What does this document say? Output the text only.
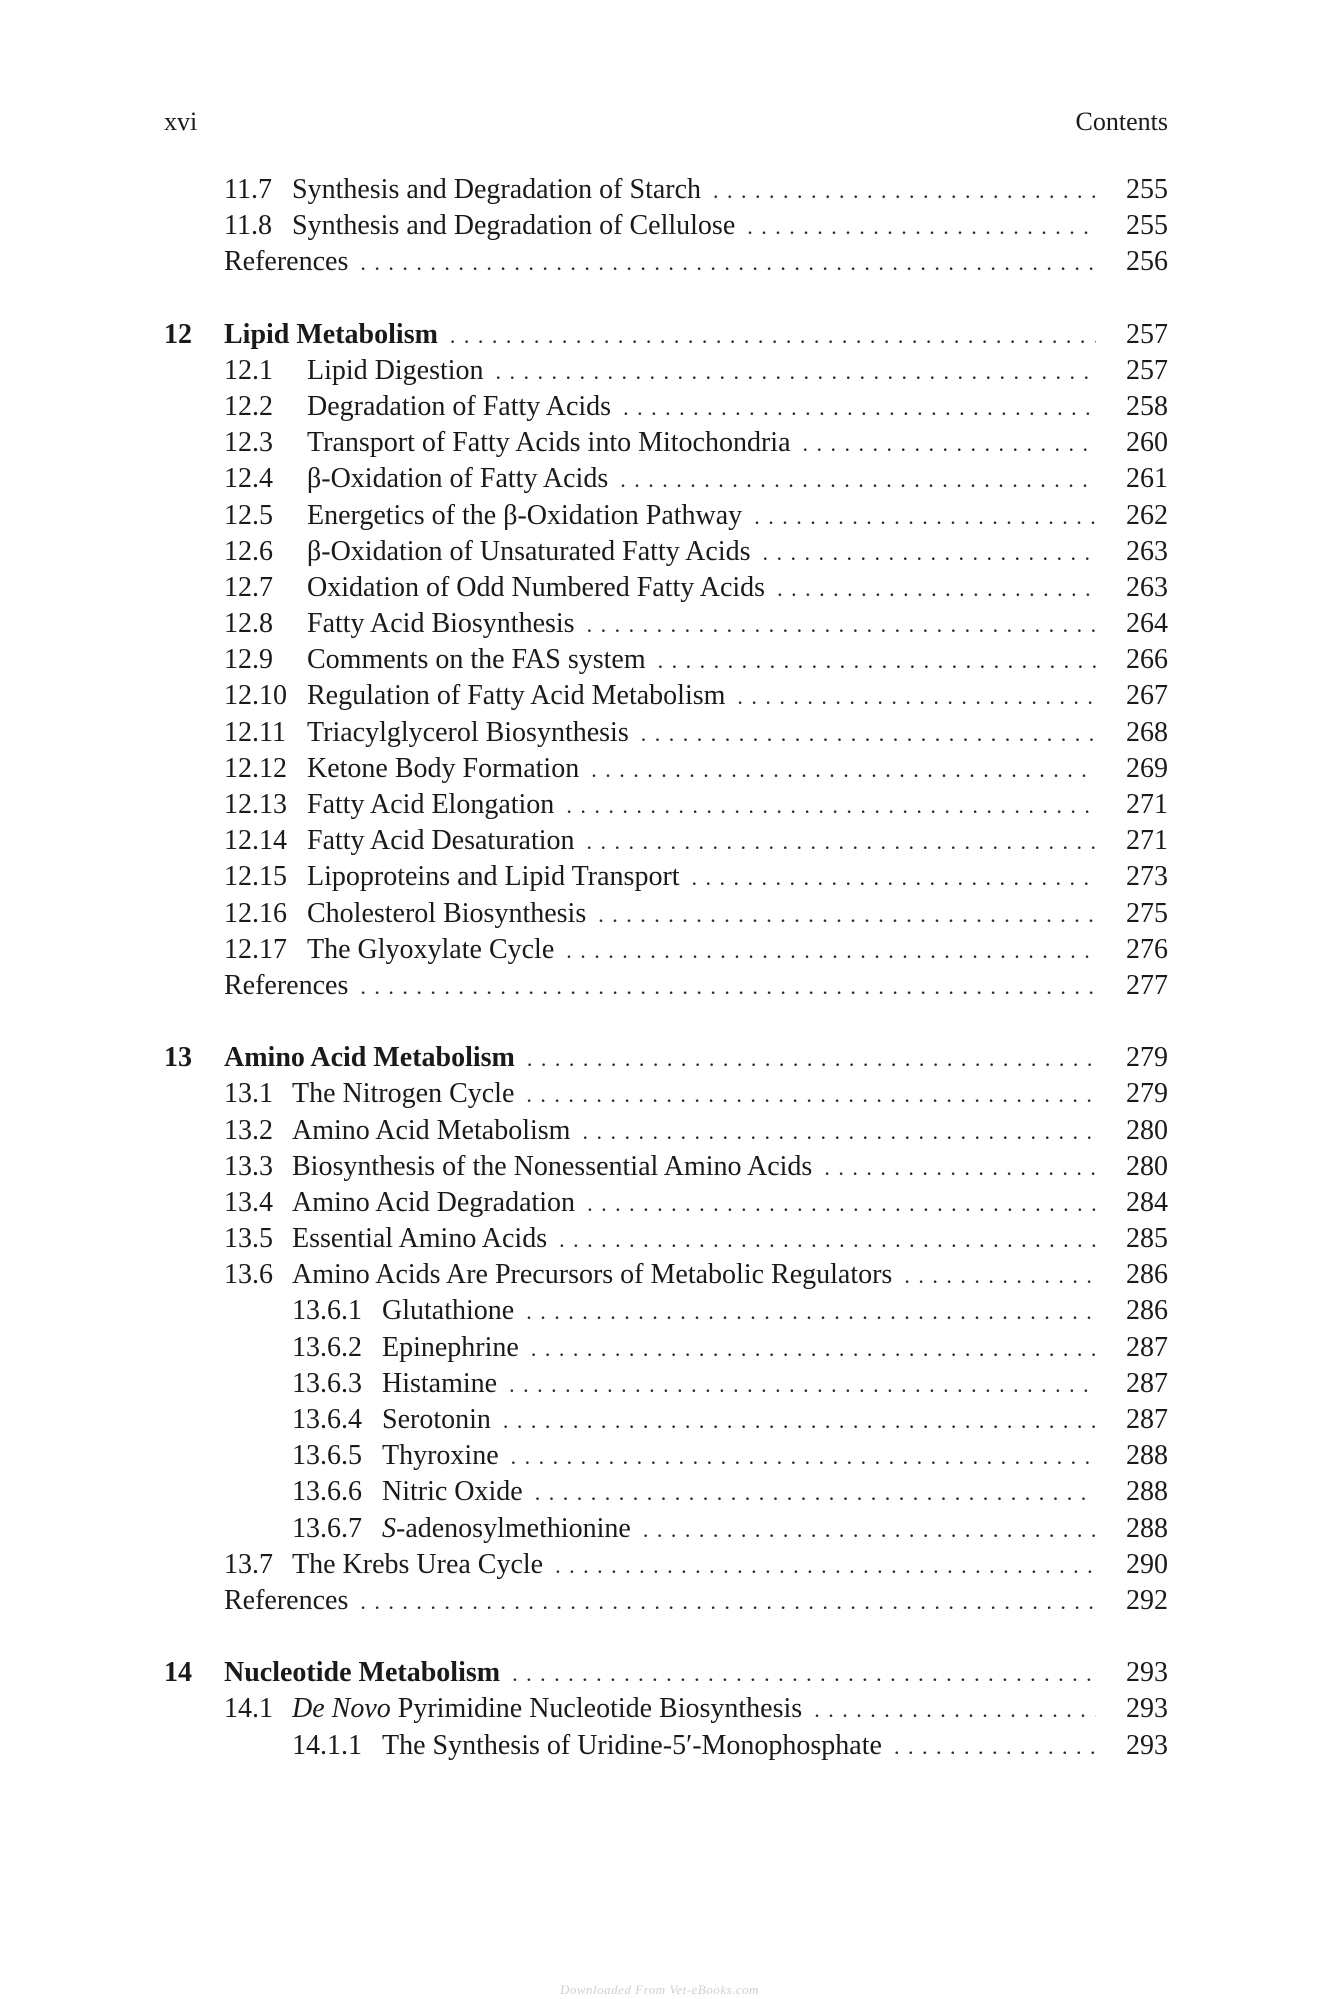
xvi	Contents
11.7 Synthesis and Degradation of Starch . . .	255
11.8 Synthesis and Degradation of Cellulose . . .	255
References . . .	256
12 Lipid Metabolism . . .	257
12.1 Lipid Digestion . . .	257
12.2 Degradation of Fatty Acids . . .	258
12.3 Transport of Fatty Acids into Mitochondria . . .	260
12.4 β-Oxidation of Fatty Acids . . .	261
12.5 Energetics of the β-Oxidation Pathway . . .	262
12.6 β-Oxidation of Unsaturated Fatty Acids . . .	263
12.7 Oxidation of Odd Numbered Fatty Acids . . .	263
12.8 Fatty Acid Biosynthesis . . .	264
12.9 Comments on the FAS system . . .	266
12.10 Regulation of Fatty Acid Metabolism . . .	267
12.11 Triacylglycerol Biosynthesis . . .	268
12.12 Ketone Body Formation . . .	269
12.13 Fatty Acid Elongation . . .	271
12.14 Fatty Acid Desaturation . . .	271
12.15 Lipoproteins and Lipid Transport . . .	273
12.16 Cholesterol Biosynthesis . . .	275
12.17 The Glyoxylate Cycle . . .	276
References . . .	277
13 Amino Acid Metabolism . . .	279
13.1 The Nitrogen Cycle . . .	279
13.2 Amino Acid Metabolism . . .	280
13.3 Biosynthesis of the Nonessential Amino Acids . . .	280
13.4 Amino Acid Degradation . . .	284
13.5 Essential Amino Acids . . .	285
13.6 Amino Acids Are Precursors of Metabolic Regulators . . .	286
13.6.1 Glutathione . . .	286
13.6.2 Epinephrine . . .	287
13.6.3 Histamine . . .	287
13.6.4 Serotonin . . .	287
13.6.5 Thyroxine . . .	288
13.6.6 Nitric Oxide . . .	288
13.6.7 S-adenosylmethionine . . .	288
13.7 The Krebs Urea Cycle . . .	290
References . . .	292
14 Nucleotide Metabolism . . .	293
14.1 De Novo Pyrimidine Nucleotide Biosynthesis . . .	293
14.1.1 The Synthesis of Uridine-5′-Monophosphate . . .	293
Downloaded From Vet-eBooks.com
